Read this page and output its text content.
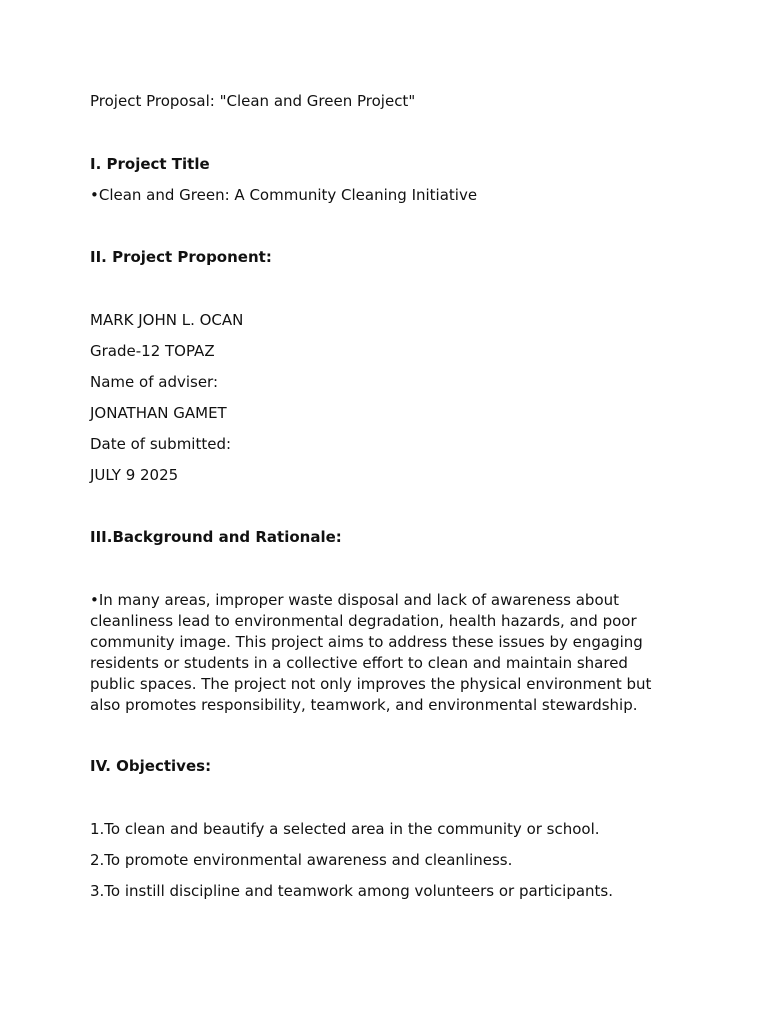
Project Proposal: "Clean and Green Project"
I. Project Title
•Clean and Green: A Community Cleaning Initiative
II. Project Proponent:
MARK JOHN L. OCAN
Grade-12 TOPAZ
Name of adviser:
JONATHAN GAMET
Date of submitted:
JULY 9 2025
III.Background and Rationale:
•In many areas, improper waste disposal and lack of awareness about
cleanliness lead to environmental degradation, health hazards, and poor
community image. This project aims to address these issues by engaging
residents or students in a collective effort to clean and maintain shared
public spaces. The project not only improves the physical environment but
also promotes responsibility, teamwork, and environmental stewardship.
IV. Objectives:
1.To clean and beautify a selected area in the community or school.
2.To promote environmental awareness and cleanliness.
3.To instill discipline and teamwork among volunteers or participants.
